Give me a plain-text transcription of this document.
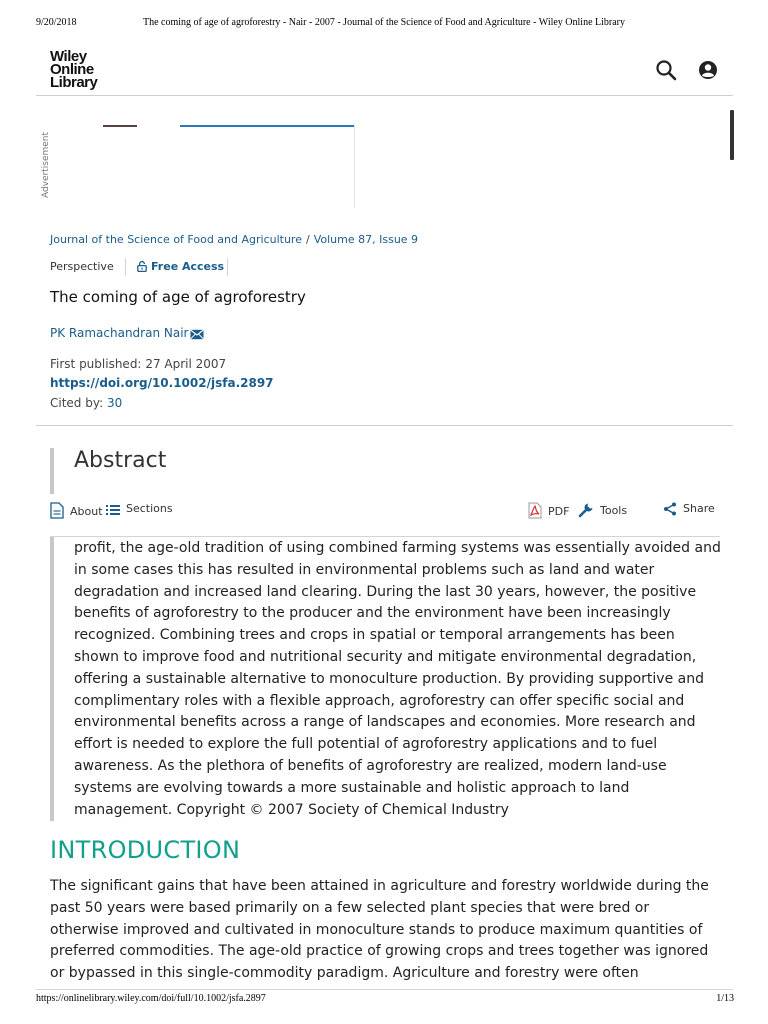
9/20/2018	The coming of age of agroforestry - Nair - 2007 - Journal of the Science of Food and Agriculture - Wiley Online Library
Wiley
Online
Library
Advertisement
Journal of the Science of Food and Agriculture / Volume 87, Issue 9
Perspective	Free Access
The coming of age of agroforestry
PK Ramachandran Nair
First published: 27 April 2007
https://doi.org/10.1002/jsfa.2897
Cited by: 30
Abstract
About	Sections	PDF	Tools	Share

profit, the age-old tradition of using combined farming systems was essentially avoided and in some cases this has resulted in environmental problems such as land and water degradation and increased land clearing. During the last 30 years, however, the positive benefits of agroforestry to the producer and the environment have been increasingly recognized. Combining trees and crops in spatial or temporal arrangements has been shown to improve food and nutritional security and mitigate environmental degradation, offering a sustainable alternative to monoculture production. By providing supportive and complimentary roles with a flexible approach, agroforestry can offer specific social and environmental benefits across a range of landscapes and economies. More research and effort is needed to explore the full potential of agroforestry applications and to fuel awareness. As the plethora of benefits of agroforestry are realized, modern land-use systems are evolving towards a more sustainable and holistic approach to land management. Copyright © 2007 Society of Chemical Industry

INTRODUCTION

The significant gains that have been attained in agriculture and forestry worldwide during the past 50 years were based primarily on a few selected plant species that were bred or otherwise improved and cultivated in monoculture stands to produce maximum quantities of preferred commodities. The age-old practice of growing crops and trees together was ignored or bypassed in this single-commodity paradigm. Agriculture and forestry were often

https://onlinelibrary.wiley.com/doi/full/10.1002/jsfa.2897	1/13
